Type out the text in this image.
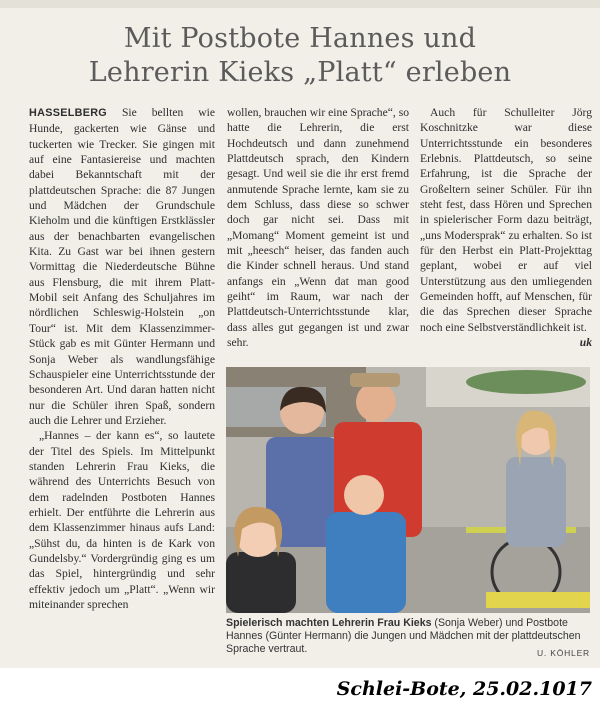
Mit Postbote Hannes und
Lehrerin Kieks „Platt“ erleben

HASSELBERG Sie bellten wie Hunde, gackerten wie Gänse und tuckerten wie Trecker. Sie gingen mit auf eine Fantasiereise und machten dabei Bekanntschaft mit der plattdeutschen Sprache: die 87 Jungen und Mädchen der Grundschule Kieholm und die künftigen Erstklässler aus der benachbarten evangelischen Kita. Zu Gast war bei ihnen gestern Vormittag die Niederdeutsche Bühne aus Flensburg, die mit ihrem Platt-Mobil seit Anfang des Schuljahres im nördlichen Schleswig-Holstein „on Tour“ ist. Mit dem Klassenzimmer-Stück gab es mit Günter Hermann und Sonja Weber als wandlungsfähige Schauspieler eine Unterrichtsstunde der besonderen Art. Und daran hatten nicht nur die Schüler ihren Spaß, sondern auch die Lehrer und Erzieher.

„Hannes – der kann es“, so lautete der Titel des Spiels. Im Mittelpunkt standen Lehrerin Frau Kieks, die während des Unterrichts Besuch von dem radelnden Postboten Hannes erhielt. Der entführte die Lehrerin aus dem Klassenzimmer hinaus aufs Land: „Sühst du, da hinten is de Kark von Gundelsby.“ Vordergründig ging es um das Spiel, hintergründig und sehr effektiv jedoch um „Platt“. „Wenn wir miteinander sprechen

wollen, brauchen wir eine Sprache“, so hatte die Lehrerin, die erst Hochdeutsch und dann zunehmend Plattdeutsch sprach, den Kindern gesagt. Und weil sie die ihr erst fremd anmutende Sprache lernte, kam sie zu dem Schluss, dass diese so schwer doch gar nicht sei. Dass mit „Momang“ Moment gemeint ist und mit „heesch“ heiser, das fanden auch die Kinder schnell heraus. Und stand anfangs ein „Wenn dat man good geiht“ im Raum, war nach der Plattdeutsch-Unterrichtsstunde klar, dass alles gut gegangen ist und zwar sehr.

Auch für Schulleiter Jörg Koschnitzke war diese Unterrichtsstunde ein besonderes Erlebnis. Plattdeutsch, so seine Erfahrung, ist die Sprache der Großeltern seiner Schüler. Für ihn steht fest, dass Hören und Sprechen in spielerischer Form dazu beiträgt, „uns Modersprak“ zu erhalten. So ist für den Herbst ein Platt-Projekttag geplant, wobei er auf viel Unterstützung aus den umliegenden Gemeinden hofft, auf Menschen, für die das Sprechen dieser Sprache noch eine Selbstverständlichkeit ist.
uk

Spielerisch machten Lehrerin Frau Kieks (Sonja Weber) und Postbote Hannes (Günter Hermann) die Jungen und Mädchen mit der plattdeutschen Sprache vertraut.	U. KÖHLER
Schlei-Bote, 25.02.1017
